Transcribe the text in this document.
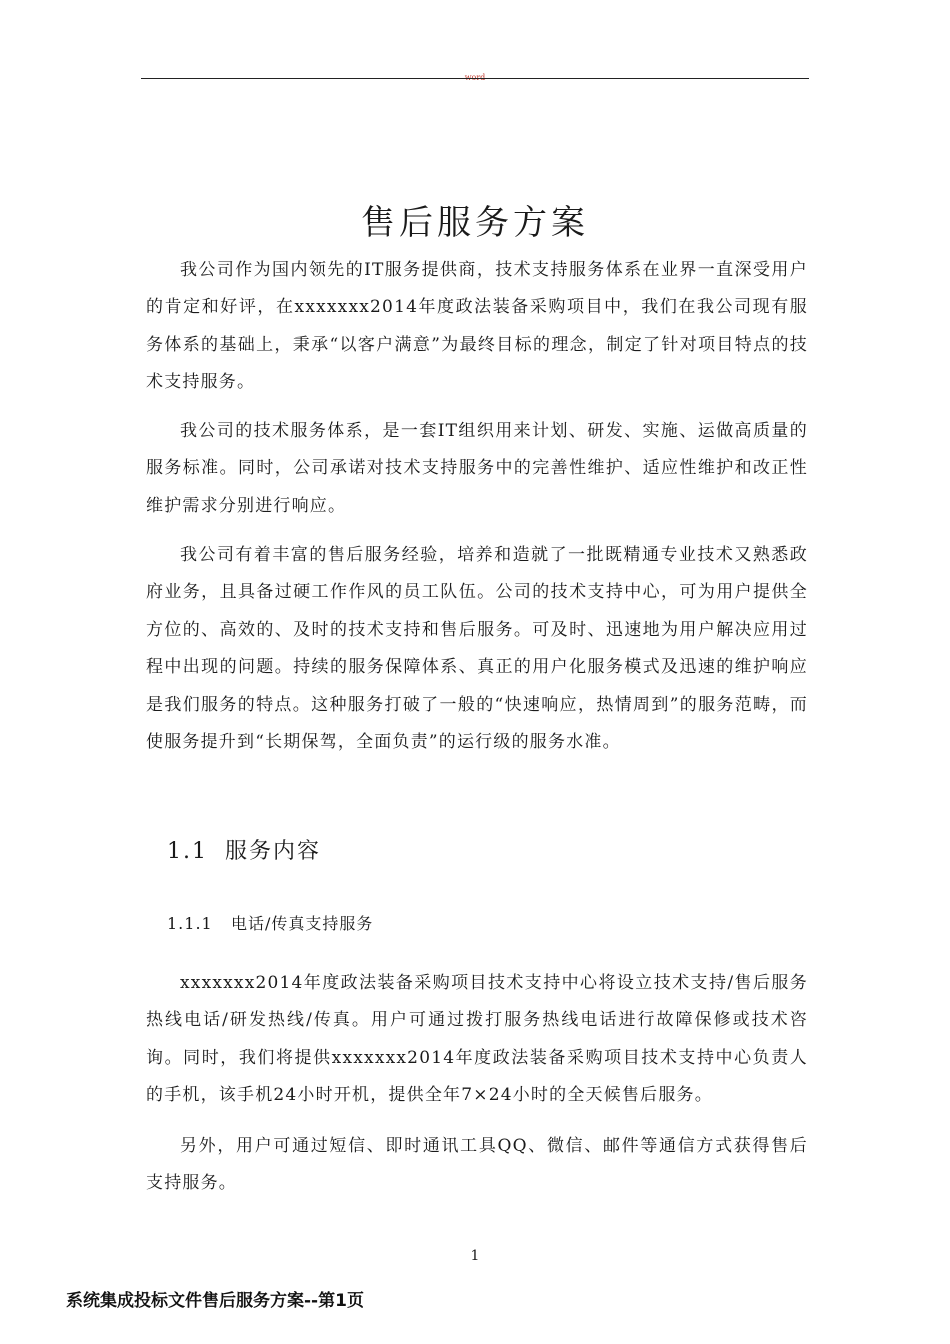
word
售后服务方案

我公司作为国内领先的IT服务提供商，技术支持服务体系在业界一直深受用户的肯定和好评，在xxxxxxx2014年度政法装备采购项目中，我们在我公司现有服务体系的基础上，秉承“以客户满意”为最终目标的理念，制定了针对项目特点的技术支持服务。

我公司的技术服务体系，是一套IT组织用来计划、研发、实施、运做高质量的服务标准。同时，公司承诺对技术支持服务中的完善性维护、适应性维护和改正性维护需求分别进行响应。

我公司有着丰富的售后服务经验，培养和造就了一批既精通专业技术又熟悉政府业务，且具备过硬工作作风的员工队伍。公司的技术支持中心，可为用户提供全方位的、高效的、及时的技术支持和售后服务。可及时、迅速地为用户解决应用过程中出现的问题。持续的服务保障体系、真正的用户化服务模式及迅速的维护响应是我们服务的特点。这种服务打破了一般的“快速响应，热情周到”的服务范畴，而使服务提升到“长期保驾，全面负责”的运行级的服务水准。

1.1 服务内容
1.1.1 电话/传真支持服务

xxxxxxx2014年度政法装备采购项目技术支持中心将设立技术支持/售后服务热线电话/研发热线/传真。用户可通过拨打服务热线电话进行故障保修或技术咨询。同时，我们将提供xxxxxxx2014年度政法装备采购项目技术支持中心负责人的手机，该手机24小时开机，提供全年7×24小时的全天候售后服务。

另外，用户可通过短信、即时通讯工具QQ、微信、邮件等通信方式获得售后支持服务。

1
系统集成投标文件售后服务方案--第1页
